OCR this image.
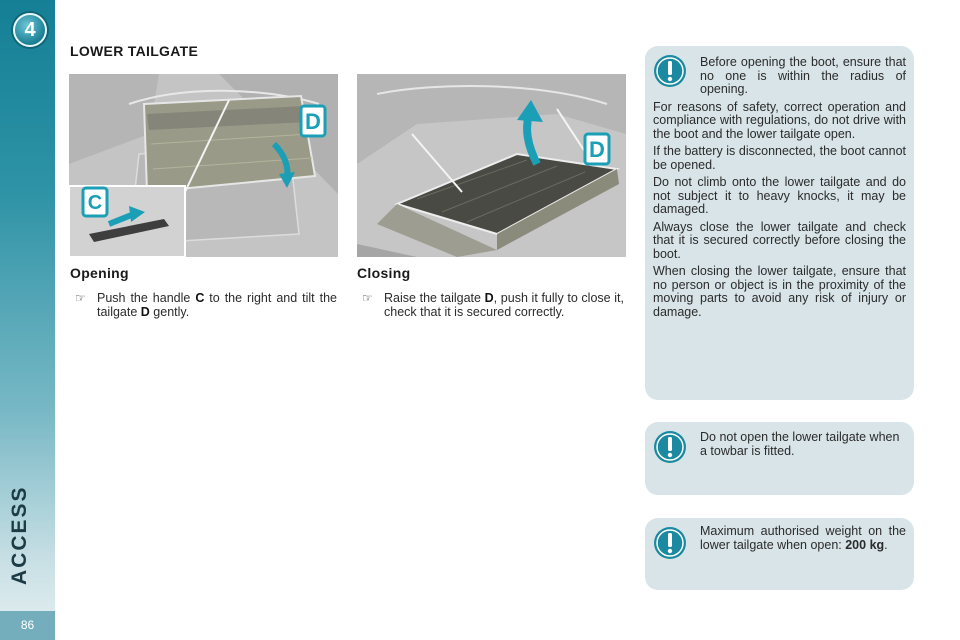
4
ACCESS
86
LOWER TAILGATE
D
C
D
Opening
☞ Push the handle C to the right and tilt the tailgate D gently.
Closing
☞ Raise the tailgate D, push it fully to close it, check that it is secured correctly.

Before opening the boot, ensure that no one is within the radius of opening.

For reasons of safety, correct operation and compliance with regulations, do not drive with the boot and the lower tailgate open.

If the battery is disconnected, the boot cannot be opened.

Do not climb onto the lower tailgate and do not subject it to heavy knocks, it may be damaged.

Always close the lower tailgate and check that it is secured correctly before closing the boot.

When closing the lower tailgate, ensure that no person or object is in the proximity of the moving parts to avoid any risk of injury or damage.

Do not open the lower tailgate when a towbar is fitted.

Maximum authorised weight on the lower tailgate when open: 200 kg.
